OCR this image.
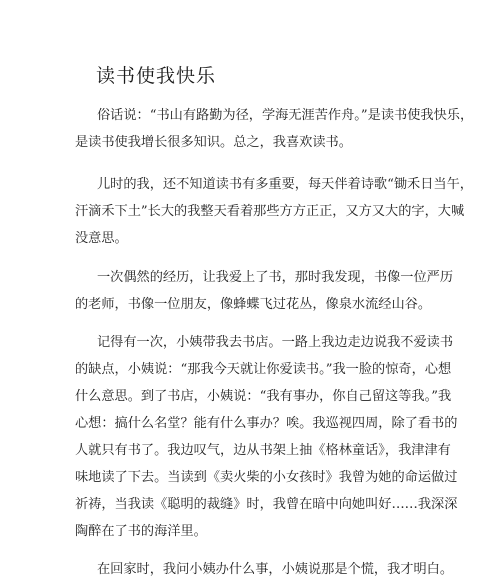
读书使我快乐
俗话说：“书山有路勤为径，学海无涯苦作舟。”是读书使我快乐，
是读书使我增长很多知识。总之，我喜欢读书。
儿时的我，还不知道读书有多重要，每天伴着诗歌“锄禾日当午，
汗滴禾下土”长大的我整天看着那些方方正正，又方又大的字，大喊
没意思。
一次偶然的经历，让我爱上了书，那时我发现，书像一位严历
的老师，书像一位朋友，像蜂蝶飞过花丛，像泉水流经山谷。
记得有一次，小姨带我去书店。一路上我边走边说我不爱读书
的缺点，小姨说：“那我今天就让你爱读书。”我一脸的惊奇，心想
什么意思。到了书店，小姨说：“我有事办，你自己留这等我。”我
心想：搞什么名堂？能有什么事办？唉。我巡视四周，除了看书的
人就只有书了。我边叹气，边从书架上抽《格林童话》，我津津有
味地读了下去。当读到《卖火柴的小女孩时》我曾为她的命运做过
祈祷，当我读《聪明的裁缝》时，我曾在暗中向她叫好……我深深
陶醉在了书的海洋里。
在回家时，我问小姨办什么事，小姨说那是个慌，我才明白。
